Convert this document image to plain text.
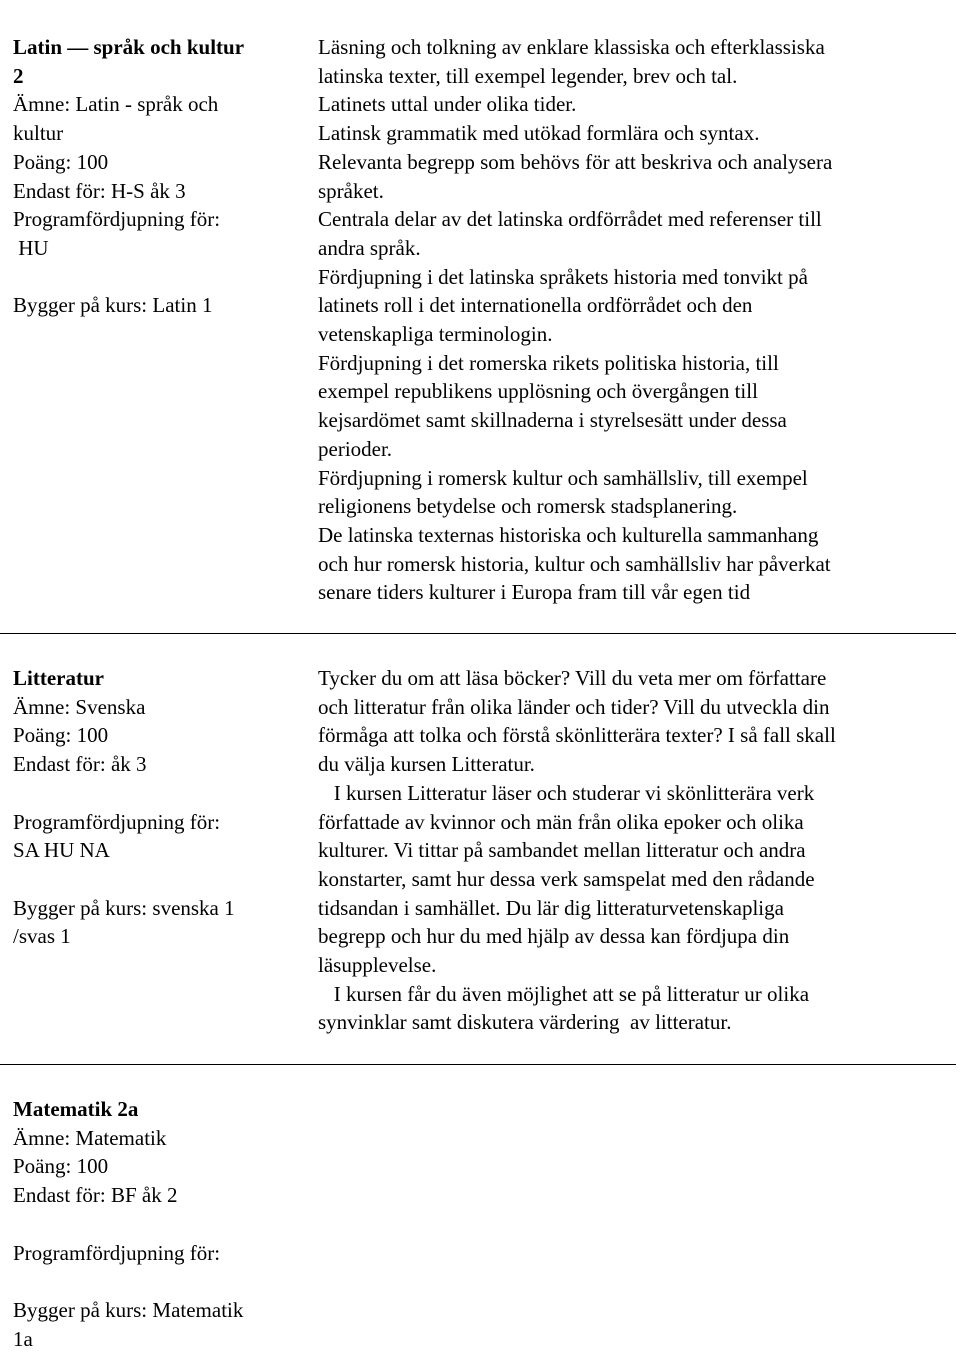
Latin — språk och kultur
2
Ämne: Latin - språk och
kultur
Poäng: 100
Endast för: H-S åk 3
Programfördjupning för:
HU
Bygger på kurs: Latin 1
Läsning och tolkning av enklare klassiska och efterklassiska
latinska texter, till exempel legender, brev och tal.
Latinets uttal under olika tider.
Latinsk grammatik med utökad formlära och syntax.
Relevanta begrepp som behövs för att beskriva och analysera
språket.
Centrala delar av det latinska ordförrådet med referenser till
andra språk.
Fördjupning i det latinska språkets historia med tonvikt på
latinets roll i det internationella ordförrådet och den
vetenskapliga terminologin.
Fördjupning i det romerska rikets politiska historia, till
exempel republikens upplösning och övergången till
kejsardömet samt skillnaderna i styrelsesätt under dessa
perioder.
Fördjupning i romersk kultur och samhällsliv, till exempel
religionens betydelse och romersk stadsplanering.
De latinska texternas historiska och kulturella sammanhang
och hur romersk historia, kultur och samhällsliv har påverkat
senare tiders kulturer i Europa fram till vår egen tid
Litteratur
Ämne: Svenska
Poäng: 100
Endast för: åk 3
Programfördjupning för:
SA HU NA
Bygger på kurs: svenska 1
/svas 1
Tycker du om att läsa böcker? Vill du veta mer om författare
och litteratur från olika länder och tider? Vill du utveckla din
förmåga att tolka och förstå skönlitterära texter? I så fall skall
du välja kursen Litteratur.
I kursen Litteratur läser och studerar vi skönlitterära verk
författade av kvinnor och män från olika epoker och olika
kulturer. Vi tittar på sambandet mellan litteratur och andra
konstarter, samt hur dessa verk samspelat med den rådande
tidsandan i samhället. Du lär dig litteraturvetenskapliga
begrepp och hur du med hjälp av dessa kan fördjupa din
läsupplevelse.
I kursen får du även möjlighet att se på litteratur ur olika
synvinklar samt diskutera värdering  av litteratur.
Matematik 2a
Ämne: Matematik
Poäng: 100
Endast för: BF åk 2
Programfördjupning för:
Bygger på kurs: Matematik
1a
